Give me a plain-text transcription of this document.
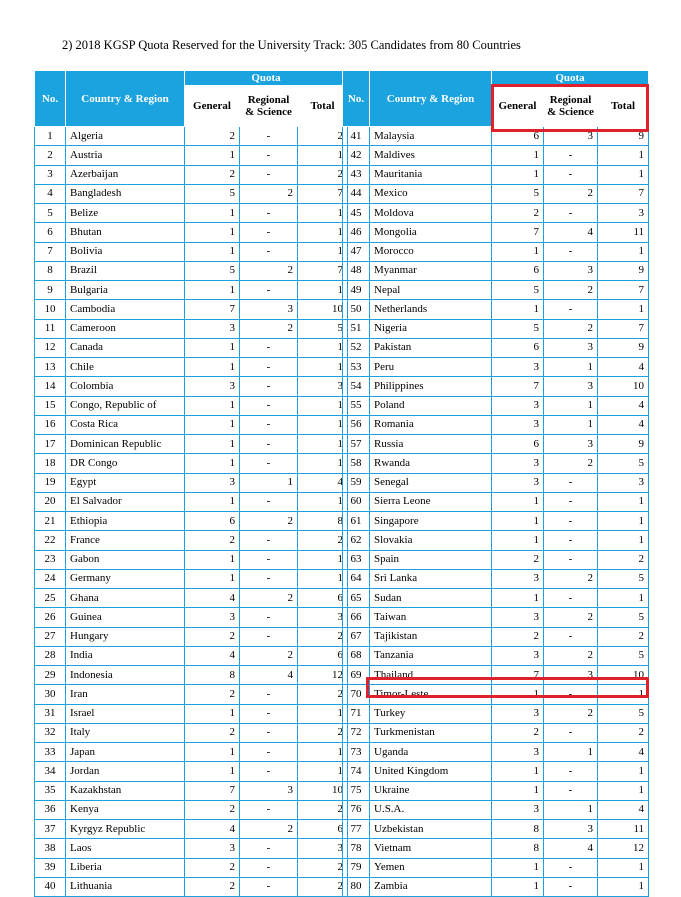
2) 2018 KGSP Quota Reserved for the University Track: 305 Candidates from 80 Countries
No.	Country & Region	Quota		
		General	Regional & Science	Total
1	Algeria	2	-	2
2	Austria	1	-	1
3	Azerbaijan	2	-	2
4	Bangladesh	5	2	7
5	Belize	1	-	1
6	Bhutan	1	-	1
7	Bolivia	1	-	1
8	Brazil	5	2	7
9	Bulgaria	1	-	1
10	Cambodia	7	3	10
11	Cameroon	3	2	5
12	Canada	1	-	1
13	Chile	1	-	1
14	Colombia	3	-	3
15	Congo, Republic of	1	-	1
16	Costa Rica	1	-	1
17	Dominican Republic	1	-	1
18	DR Congo	1	-	1
19	Egypt	3	1	4
20	El Salvador	1	-	1
21	Ethiopia	6	2	8
22	France	2	-	2
23	Gabon	1	-	1
24	Germany	1	-	1
25	Ghana	4	2	6
26	Guinea	3	-	3
27	Hungary	2	-	2
28	India	4	2	6
29	Indonesia	8	4	12
30	Iran	2	-	2
31	Israel	1	-	1
32	Italy	2	-	2
33	Japan	1	-	1
34	Jordan	1	-	1
35	Kazakhstan	7	3	10
36	Kenya	2	-	2
37	Kyrgyz Republic	4	2	6
38	Laos	3	-	3
39	Liberia	2	-	2
40	Lithuania	2	-	2
No.	Country & Region	Quota		
		General	Regional & Science	Total
41	Malaysia	6	3	9
42	Maldives	1	-	1
43	Mauritania	1	-	1
44	Mexico	5	2	7
45	Moldova	2	-	3
46	Mongolia	7	4	11
47	Morocco	1	-	1
48	Myanmar	6	3	9
49	Nepal	5	2	7
50	Netherlands	1	-	1
51	Nigeria	5	2	7
52	Pakistan	6	3	9
53	Peru	3	1	4
54	Philippines	7	3	10
55	Poland	3	1	4
56	Romania	3	1	4
57	Russia	6	3	9
58	Rwanda	3	2	5
59	Senegal	3	-	3
60	Sierra Leone	1	-	1
61	Singapore	1	-	1
62	Slovakia	1	-	1
63	Spain	2	-	2
64	Sri Lanka	3	2	5
65	Sudan	1	-	1
66	Taiwan	3	2	5
67	Tajikistan	2	-	2
68	Tanzania	3	2	5
69	Thailand	7	3	10
70	Timor-Leste	1	-	1
71	Turkey	3	2	5
72	Turkmenistan	2	-	2
73	Uganda	3	1	4
74	United Kingdom	1	-	1
75	Ukraine	1	-	1
76	U.S.A.	3	1	4
77	Uzbekistan	8	3	11
78	Vietnam	8	4	12
79	Yemen	1	-	1
80	Zambia	1	-	1
